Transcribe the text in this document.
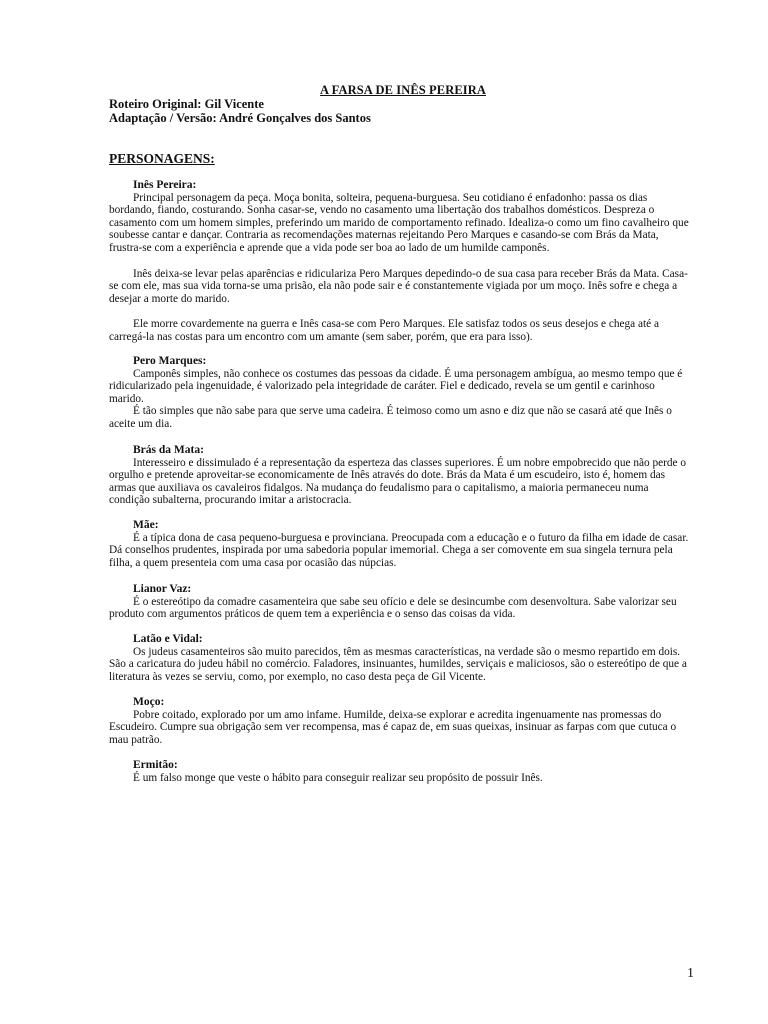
A FARSA DE INÊS PEREIRA
Roteiro Original: Gil Vicente
Adaptação / Versão: André Gonçalves dos Santos
PERSONAGENS:
Inês Pereira:

Principal personagem da peça. Moça bonita, solteira, pequena-burguesa. Seu cotidiano é enfadonho: passa os dias bordando, fiando, costurando. Sonha casar-se, vendo no casamento uma libertação dos trabalhos domésticos. Despreza o casamento com um homem simples, preferindo um marido de comportamento refinado. Idealiza-o como um fino cavalheiro que soubesse cantar e dançar. Contraria as recomendações maternas rejeitando Pero Marques e casando-se com Brás da Mata, frustra-se com a experiência e aprende que a vida pode ser boa ao lado de um humilde camponês.

Inês deixa-se levar pelas aparências e ridiculariza Pero Marques depedindo-o de sua casa para receber Brás da Mata. Casa-se com ele, mas sua vida torna-se uma prisão, ela não pode sair e é constantemente vigiada por um moço. Inês sofre e chega a desejar a morte do marido.

Ele morre covardemente na guerra e Inês casa-se com Pero Marques. Ele satisfaz todos os seus desejos e chega até a carregá-la nas costas para um encontro com um amante (sem saber, porém, que era para isso).

Pero Marques:

Camponês simples, não conhece os costumes das pessoas da cidade. É uma personagem ambígua, ao mesmo tempo que é ridicularizado pela ingenuidade, é valorizado pela integridade de caráter. Fiel e dedicado, revela se um gentil e carinhoso marido.

É tão simples que não sabe para que serve uma cadeira. É teimoso como um asno e diz que não se casará até que Inês o aceite um dia.

Brás da Mata:

Interesseiro e dissimulado é a representação da esperteza das classes superiores. É um nobre empobrecido que não perde o orgulho e pretende aproveitar-se economicamente de Inês através do dote. Brás da Mata é um escudeiro, isto é, homem das armas que auxiliava os cavaleiros fidalgos. Na mudança do feudalismo para o capitalismo, a maioria permaneceu numa condição subalterna, procurando imitar a aristocracia.

Mãe:

É a típica dona de casa pequeno-burguesa e provinciana. Preocupada com a educação e o futuro da filha em idade de casar. Dá conselhos prudentes, inspirada por uma sabedoria popular imemorial. Chega a ser comovente em sua singela ternura pela filha, a quem presenteia com uma casa por ocasião das núpcias.

Lianor Vaz:

É o estereótipo da comadre casamenteira que sabe seu ofício e dele se desincumbe com desenvoltura. Sabe valorizar seu produto com argumentos práticos de quem tem a experiência e o senso das coisas da vida.

Latão e Vidal:

Os judeus casamenteiros são muito parecidos, têm as mesmas características, na verdade são o mesmo repartido em dois. São a caricatura do judeu hábil no comércio. Faladores, insinuantes, humildes, serviçais e maliciosos, são o estereótipo de que a literatura às vezes se serviu, como, por exemplo, no caso desta peça de Gil Vicente.

Moço:

Pobre coitado, explorado por um amo infame. Humilde, deixa-se explorar e acredita ingenuamente nas promessas do Escudeiro. Cumpre sua obrigação sem ver recompensa, mas é capaz de, em suas queixas, insinuar as farpas com que cutuca o mau patrão.

Ermitão:

É um falso monge que veste o hábito para conseguir realizar seu propósito de possuir Inês.

1
